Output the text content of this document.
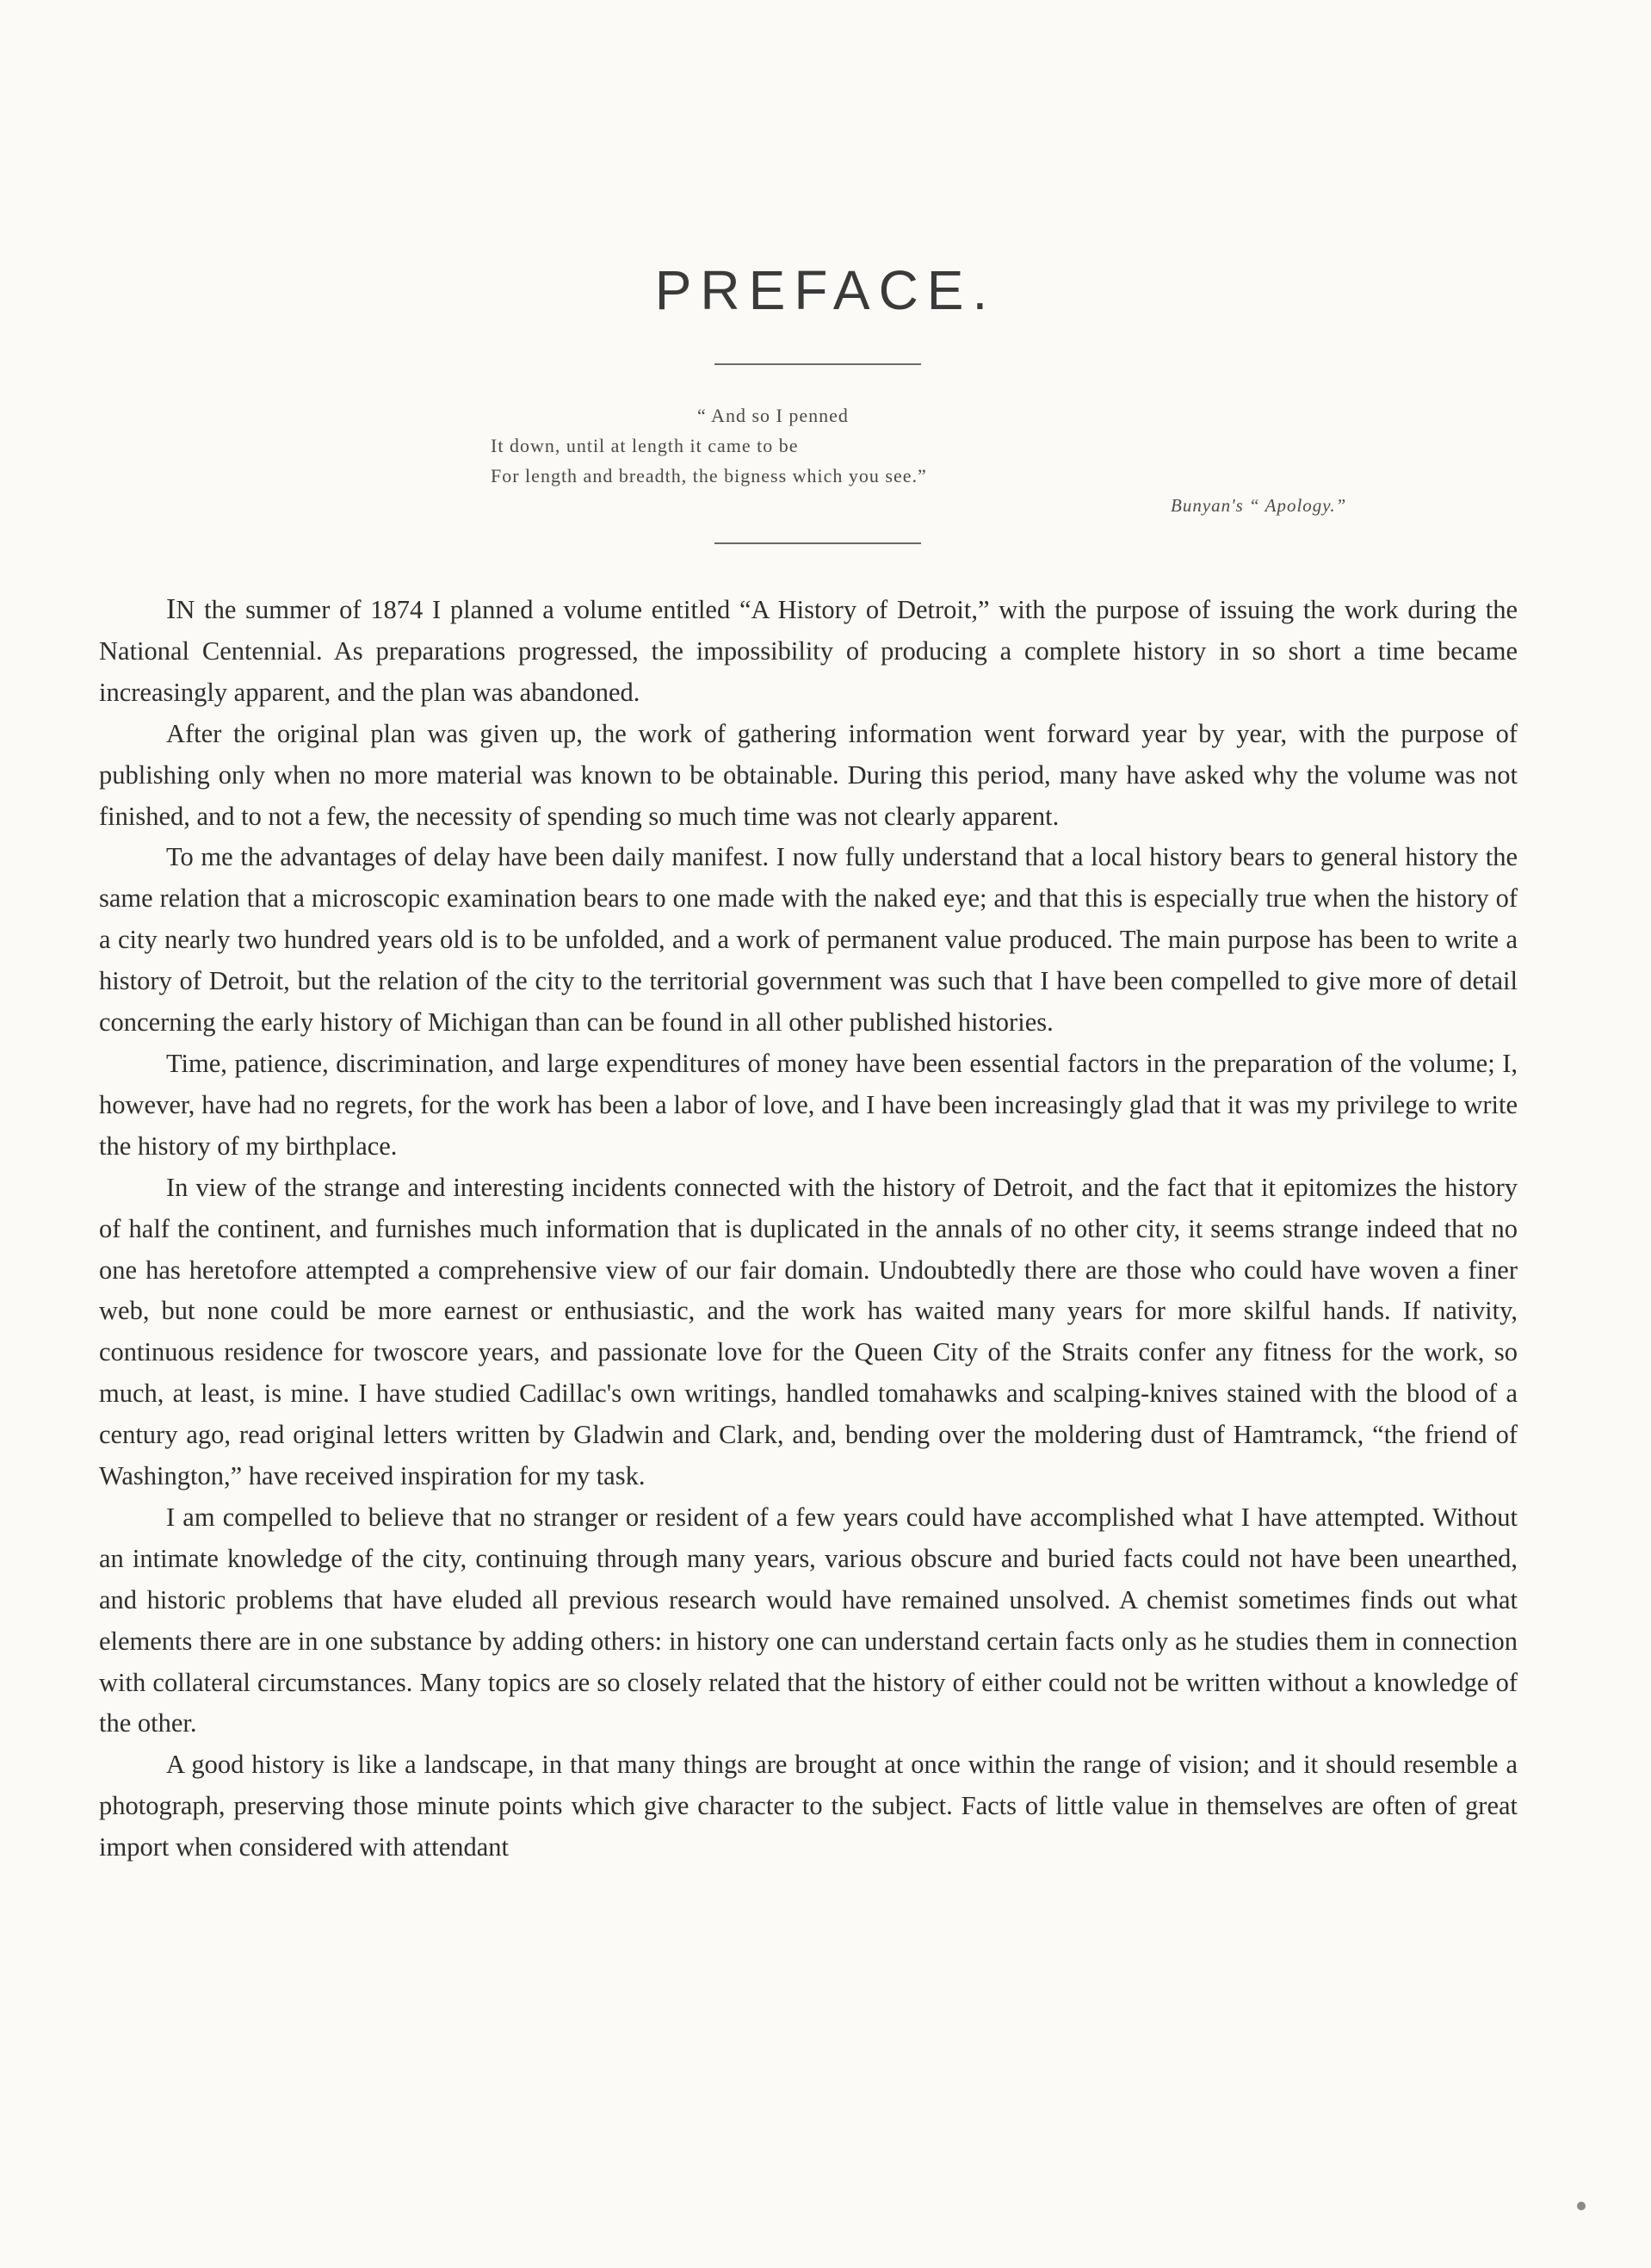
PREFACE.
“ And so I penned
It down, until at length it came to be
For length and breadth, the bigness which you see.”
Bunyan's “ Apology.”

IN the summer of 1874 I planned a volume entitled “A History of Detroit,” with the purpose of issuing the work during the National Centennial. As preparations progressed, the impossibility of producing a complete history in so short a time became increasingly apparent, and the plan was abandoned.

After the original plan was given up, the work of gathering information went forward year by year, with the purpose of publishing only when no more material was known to be obtainable. During this period, many have asked why the volume was not finished, and to not a few, the necessity of spending so much time was not clearly apparent.

To me the advantages of delay have been daily manifest. I now fully understand that a local history bears to general history the same relation that a microscopic examination bears to one made with the naked eye; and that this is especially true when the history of a city nearly two hundred years old is to be unfolded, and a work of permanent value produced. The main purpose has been to write a history of Detroit, but the relation of the city to the territorial government was such that I have been compelled to give more of detail concerning the early history of Michigan than can be found in all other published histories.

Time, patience, discrimination, and large expenditures of money have been essential factors in the preparation of the volume; I, however, have had no regrets, for the work has been a labor of love, and I have been increasingly glad that it was my privilege to write the history of my birthplace.

In view of the strange and interesting incidents connected with the history of Detroit, and the fact that it epitomizes the history of half the continent, and furnishes much information that is duplicated in the annals of no other city, it seems strange indeed that no one has heretofore attempted a comprehensive view of our fair domain. Undoubtedly there are those who could have woven a finer web, but none could be more earnest or enthusiastic, and the work has waited many years for more skilful hands. If nativity, continuous residence for twoscore years, and passionate love for the Queen City of the Straits confer any fitness for the work, so much, at least, is mine. I have studied Cadillac's own writings, handled tomahawks and scalping-knives stained with the blood of a century ago, read original letters written by Gladwin and Clark, and, bending over the moldering dust of Hamtramck, “the friend of Washington,” have received inspiration for my task.

I am compelled to believe that no stranger or resident of a few years could have accomplished what I have attempted. Without an intimate knowledge of the city, continuing through many years, various obscure and buried facts could not have been unearthed, and historic problems that have eluded all previous research would have remained unsolved. A chemist sometimes finds out what elements there are in one substance by adding others: in history one can understand certain facts only as he studies them in connection with collateral circumstances. Many topics are so closely related that the history of either could not be written without a knowledge of the other.

A good history is like a landscape, in that many things are brought at once within the range of vision; and it should resemble a photograph, preserving those minute points which give character to the subject. Facts of little value in themselves are often of great import when considered with attendant
